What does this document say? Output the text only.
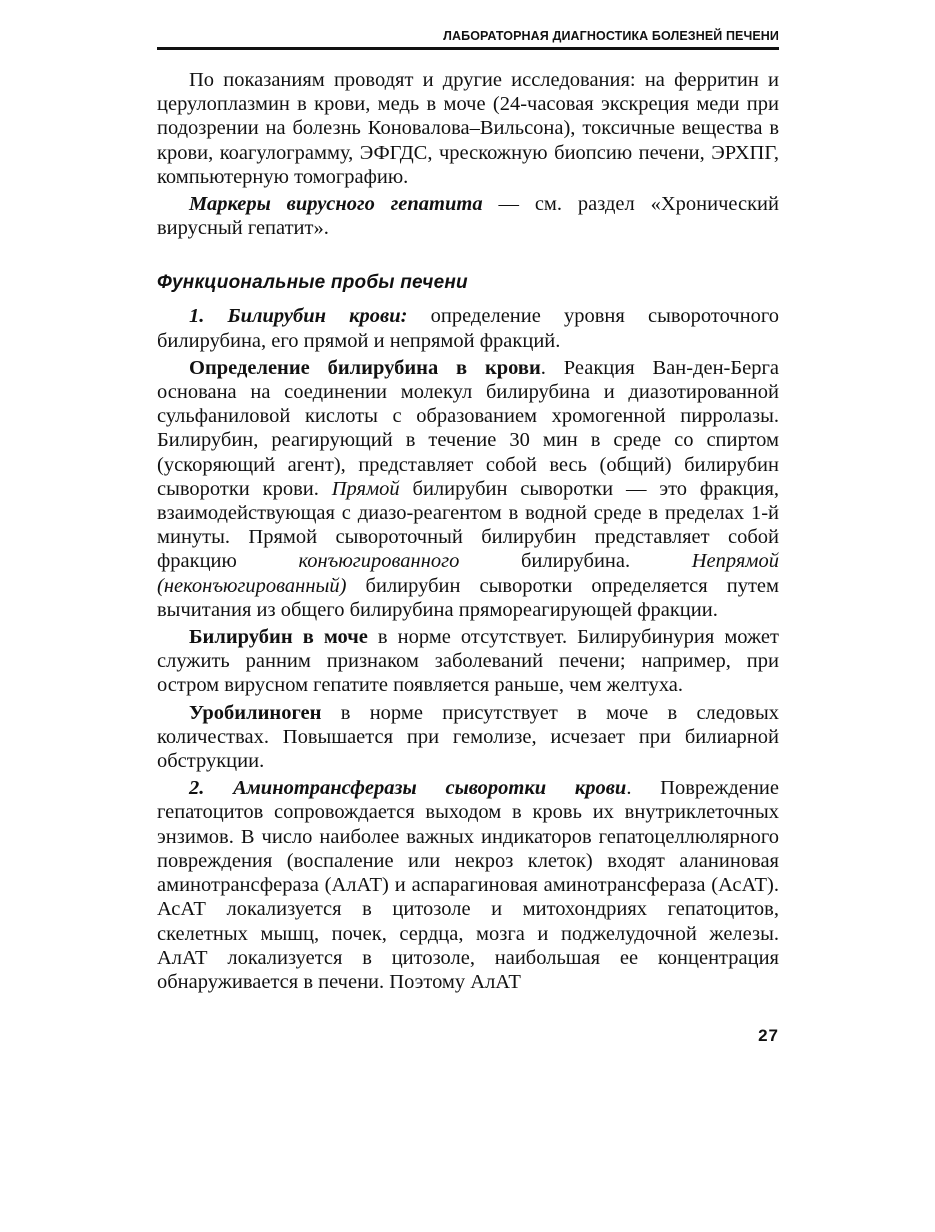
ЛАБОРАТОРНАЯ ДИАГНОСТИКА БОЛЕЗНЕЙ ПЕЧЕНИ

По показаниям проводят и другие исследования: на ферритин и церулоплазмин в крови, медь в моче (24-часовая экскреция меди при подозрении на болезнь Коновалова–Вильсона), токсичные вещества в крови, коагулограмму, ЭФГДС, чрескожную биопсию печени, ЭРХПГ, компьютерную томографию.

Маркеры вирусного гепатита — см. раздел «Хронический вирусный гепатит».

Функциональные пробы печени

1. Билирубин крови: определение уровня сывороточного билирубина, его прямой и непрямой фракций.

Определение билирубина в крови. Реакция Ван-ден-Берга основана на соединении молекул билирубина и диазотированной сульфаниловой кислоты с образованием хромогенной пирролазы. Билирубин, реагирующий в течение 30 мин в среде со спиртом (ускоряющий агент), представляет собой весь (общий) билирубин сыворотки крови. Прямой билирубин сыворотки — это фракция, взаимодействующая с диазо-реагентом в водной среде в пределах 1-й минуты. Прямой сывороточный билирубин представляет собой фракцию конъюгированного билирубина. Непрямой (неконъюгированный) билирубин сыворотки определяется путем вычитания из общего билирубина прямореагирующей фракции.

Билирубин в моче в норме отсутствует. Билирубинурия может служить ранним признаком заболеваний печени; например, при остром вирусном гепатите появляется раньше, чем желтуха.

Уробилиноген в норме присутствует в моче в следовых количествах. Повышается при гемолизе, исчезает при билиарной обструкции.

2. Аминотрансферазы сыворотки крови. Повреждение гепатоцитов сопровождается выходом в кровь их внутриклеточных энзимов. В число наиболее важных индикаторов гепатоцеллюлярного повреждения (воспаление или некроз клеток) входят аланиновая аминотрансфераза (АлАТ) и аспарагиновая аминотрансфераза (АсАТ). АсАТ локализуется в цитозоле и митохондриях гепатоцитов, скелетных мышц, почек, сердца, мозга и поджелудочной железы. АлАТ локализуется в цитозоле, наибольшая ее концентрация обнаруживается в печени. Поэтому АлАТ

27
